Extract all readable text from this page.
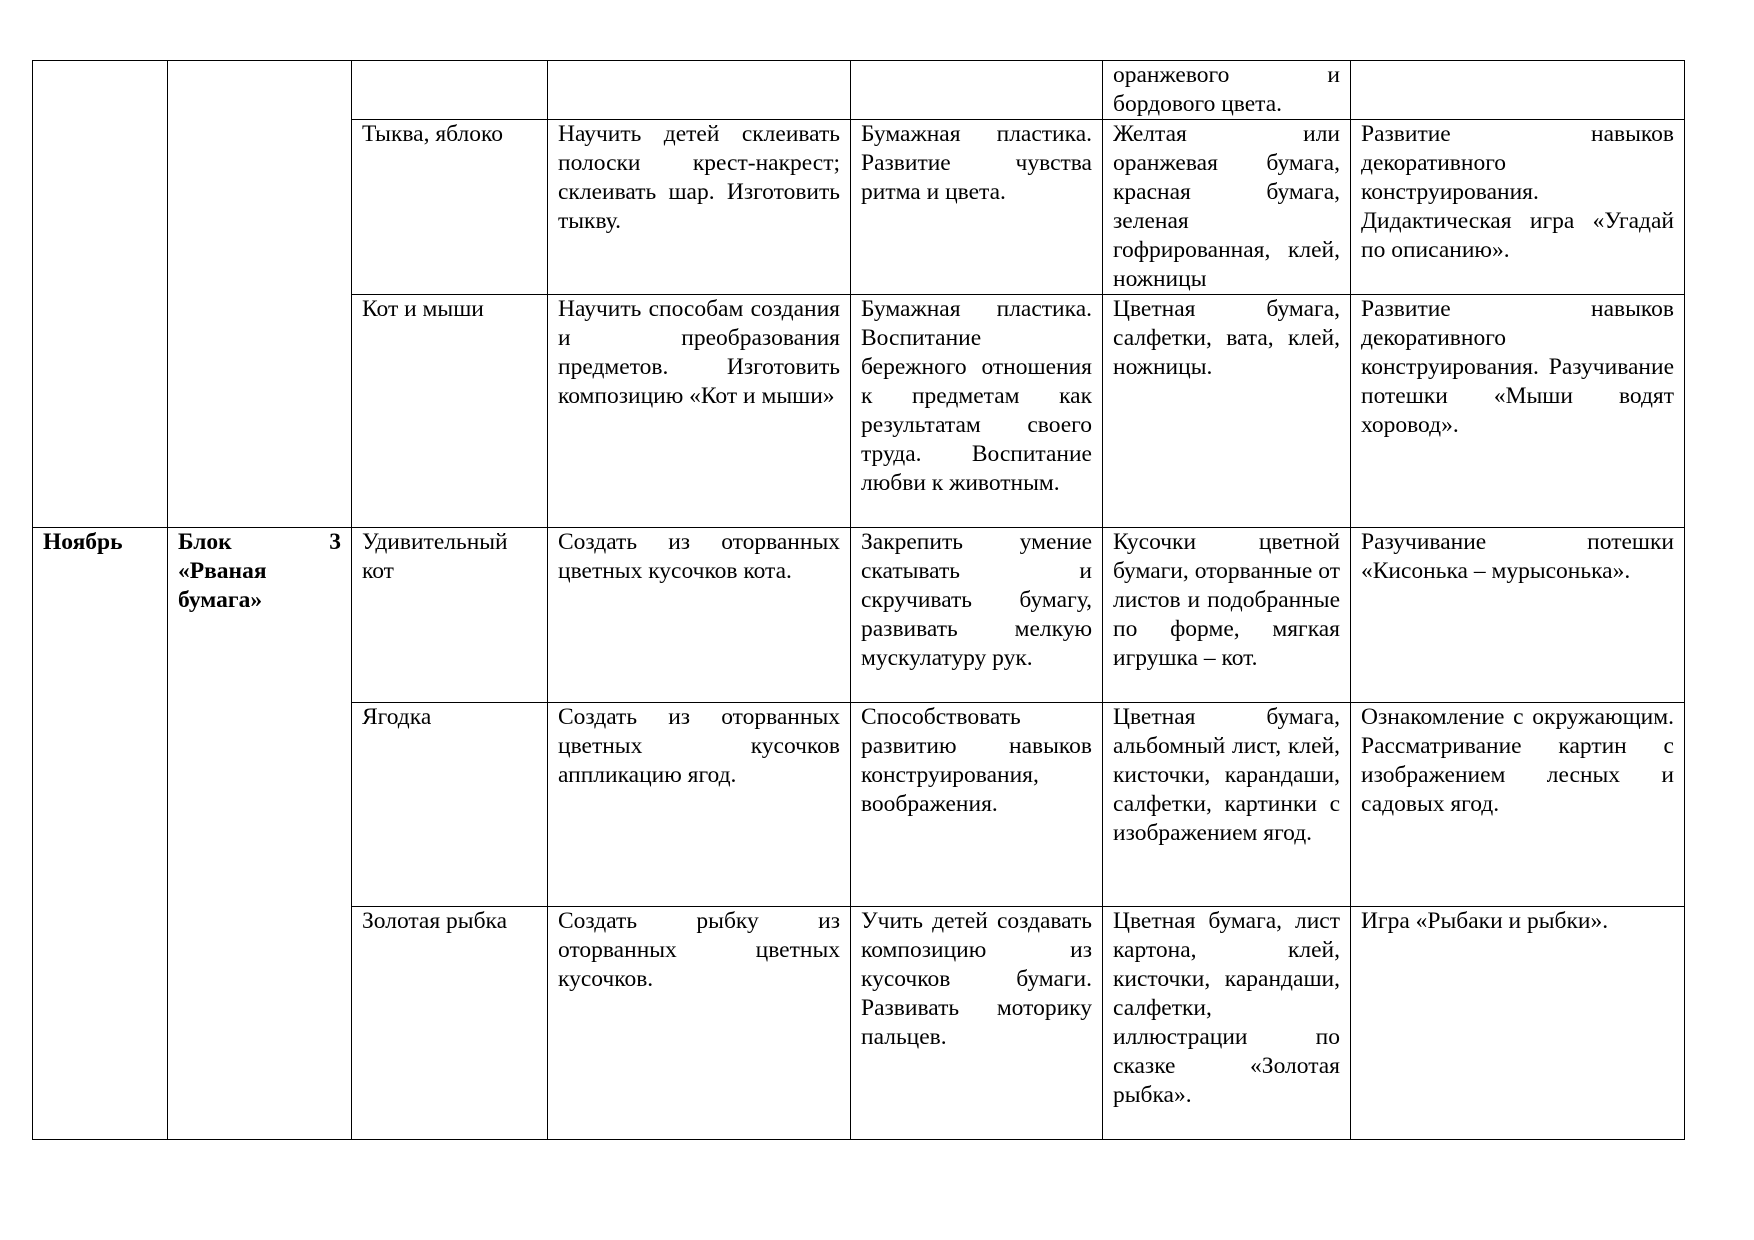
					оранжевого и бордового цвета.	
		Тыква, яблоко	Научить детей склеивать полоски крест-накрест; склеивать шар. Изготовить тыкву.	Бумажная пластика. Развитие чувства ритма и цвета.	Желтая или оранжевая бумага, красная бумага, зеленая гофрированная, клей, ножницы	Развитие навыков декоративного конструирования. Дидактическая игра «Угадай по описанию».
		Кот и мыши	Научить способам создания и преобразования предметов. Изготовить композицию «Кот и мыши»	Бумажная пластика. Воспитание бережного отношения к предметам как результатам своего труда. Воспитание любви к животным.	Цветная бумага, салфетки, вата, клей, ножницы.	Развитие навыков декоративного конструирования. Разучивание потешки «Мыши водят хоровод».
Ноябрь	Блок 3 «Рваная бумага»	Удивительный кот	Создать из оторванных цветных кусочков кота.	Закрепить умение скатывать и скручивать бумагу, развивать мелкую мускулатуру рук.	Кусочки цветной бумаги, оторванные от листов и подобранные по форме, мягкая игрушка – кот.	Разучивание потешки «Кисонька – мурысонька».
		Ягодка	Создать из оторванных цветных кусочков аппликацию ягод.	Способствовать развитию навыков конструирования, воображения.	Цветная бумага, альбомный лист, клей, кисточки, карандаши, салфетки, картинки с изображением ягод.	Ознакомление с окружающим. Рассматривание картин с изображением лесных и садовых ягод.
		Золотая рыбка	Создать рыбку из оторванных цветных кусочков.	Учить детей создавать композицию из кусочков бумаги. Развивать моторику пальцев.	Цветная бумага, лист картона, клей, кисточки, карандаши, салфетки, иллюстрации по сказке «Золотая рыбка».	Игра «Рыбаки и рыбки».
